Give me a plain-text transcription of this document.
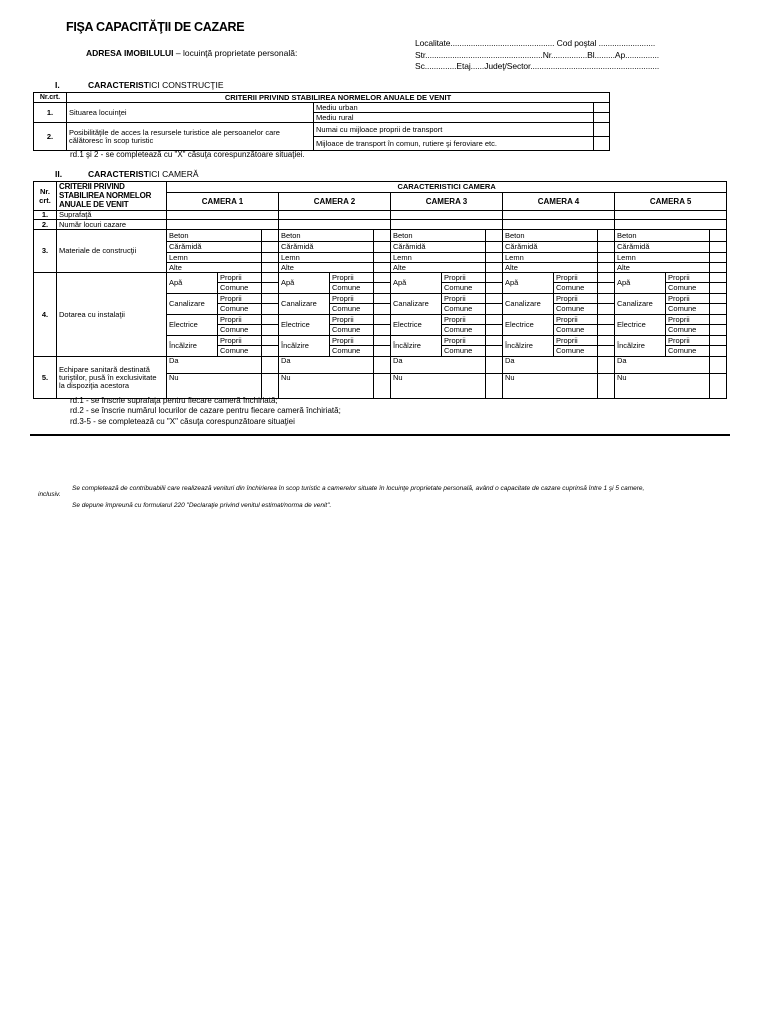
FIŞA CAPACITĂŢII DE CAZARE
ADRESA IMOBILULUI – locuinţă proprietate personală:
Localitate.............................................. Cod poştal .........................
Str....................................................Nr................Bl.........Ap...............
Sc..............Etaj......Judeţ/Sector.........................................................
I.	CARACTERISTICI CONSTRUCŢIE
Nr.crt.	CRITERII PRIVIND STABILIREA NORMELOR ANUALE DE VENIT		
1.	Situarea locuinţei	Mediu urban	
		Mediu rural	
2.	Posibilităţile de acces la resursele turistice ale persoanelor care călătoresc în scop turistic	Numai cu mijloace proprii de transport	
		Mijloace de transport în comun, rutiere şi feroviare etc.	
rd.1 şi 2 - se completează cu "X" căsuţa corespunzătoare situaţiei.
II.	CARACTERISTICI CAMERĂ
Nr. crt.	CRITERII PRIVIND STABILIREA NORMELOR ANUALE DE VENIT	CARACTERISTICI CAMERA														
		CAMERA 1			CAMERA 2			CAMERA 3			CAMERA 4			CAMERA 5		
1.	Suprafaţă															
2.	Număr locuri cazare															
3.	Materiale de construcţii	Beton			Beton			Beton			Beton			Beton		
		Cărămidă			Cărămidă			Cărămidă			Cărămidă			Cărămidă		
		Lemn			Lemn			Lemn			Lemn			Lemn		
		Alte			Alte			Alte			Alte			Alte		
4.	Dotarea cu instalaţii	Apă	Proprii		Apă	Proprii		Apă	Proprii		Apă	Proprii		Apă	Proprii	
			Comune			Comune			Comune			Comune			Comune	
		Canalizare	Proprii		Canalizare	Proprii		Canalizare	Proprii		Canalizare	Proprii		Canalizare	Proprii	
			Comune			Comune			Comune			Comune			Comune	
		Electrice	Proprii		Electrice	Proprii		Electrice	Proprii		Electrice	Proprii		Electrice	Proprii	
			Comune			Comune			Comune			Comune			Comune	
		Încălzire	Proprii		Încălzire	Proprii		Încălzire	Proprii		Încălzire	Proprii		Încălzire	Proprii	
			Comune			Comune			Comune			Comune			Comune	
5.	Echipare sanitară destinată turiştilor, pusă în exclusivitate la dispoziţia acestora	Da			Da			Da			Da			Da		
		Nu			Nu			Nu			Nu			Nu		
rd.1 - se înscrie suprafaţa pentru fiecare cameră închiriată;
rd.2 - se înscrie numărul locurilor de cazare pentru fiecare cameră închiriată;
rd.3-5 - se completează cu "X" căsuţa corespunzătoare situaţiei
Se completează de contribuabilii care realizează venituri din închirierea în scop turistic a camerelor situate în locuinţe proprietate personală, având o capacitate de cazare cuprinsă între 1 şi 5 camere,
inclusiv.
Se depune împreună cu formularul 220 "Declaraţie privind venitul estimat/norma de venit".
